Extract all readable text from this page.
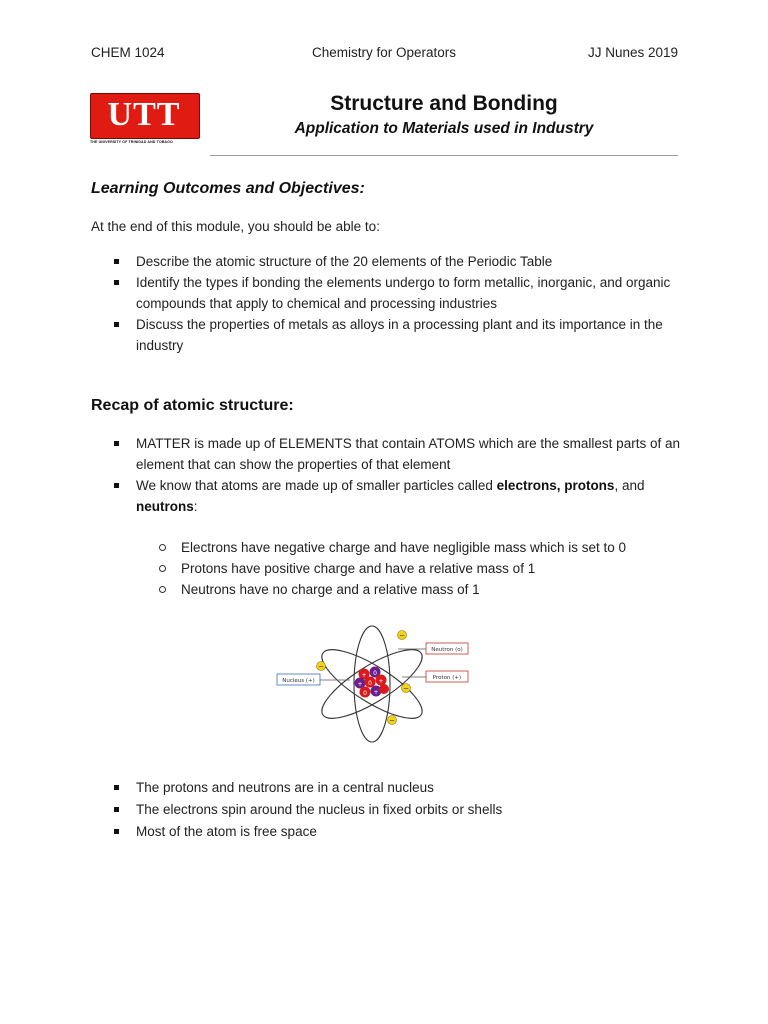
CHEM 1024	Chemistry for Operators	JJ Nunes 2019
UTT
THE UNIVERSITY OF TRINIDAD AND TOBAGO
Structure and Bonding
Application to Materials used in Industry
Learning Outcomes and Objectives:
At the end of this module, you should be able to:
Describe the atomic structure of the 20 elements of the Periodic Table
Identify the types if bonding the elements undergo to form metallic, inorganic, and organic compounds that apply to chemical and processing industries
Discuss the properties of metals as alloys in a processing plant and its importance in the industry
Recap of atomic structure:
MATTER is made up of ELEMENTS that contain ATOMS which are the smallest parts of an element that can show the properties of that element
We know that atoms are made up of smaller particles called electrons, protons, and neutrons:
Electrons have negative charge and have negligible mass which is set to 0
Protons have positive charge and have a relative mass of 1
Neutrons have no charge and a relative mass of 1
+ 0
+
0
+
0 +
−
−
−
−
Neutron (o)
Proton (+)
Nucleus (+)
The protons and neutrons are in a central nucleus
The electrons spin around the nucleus in fixed orbits or shells
Most of the atom is free space
